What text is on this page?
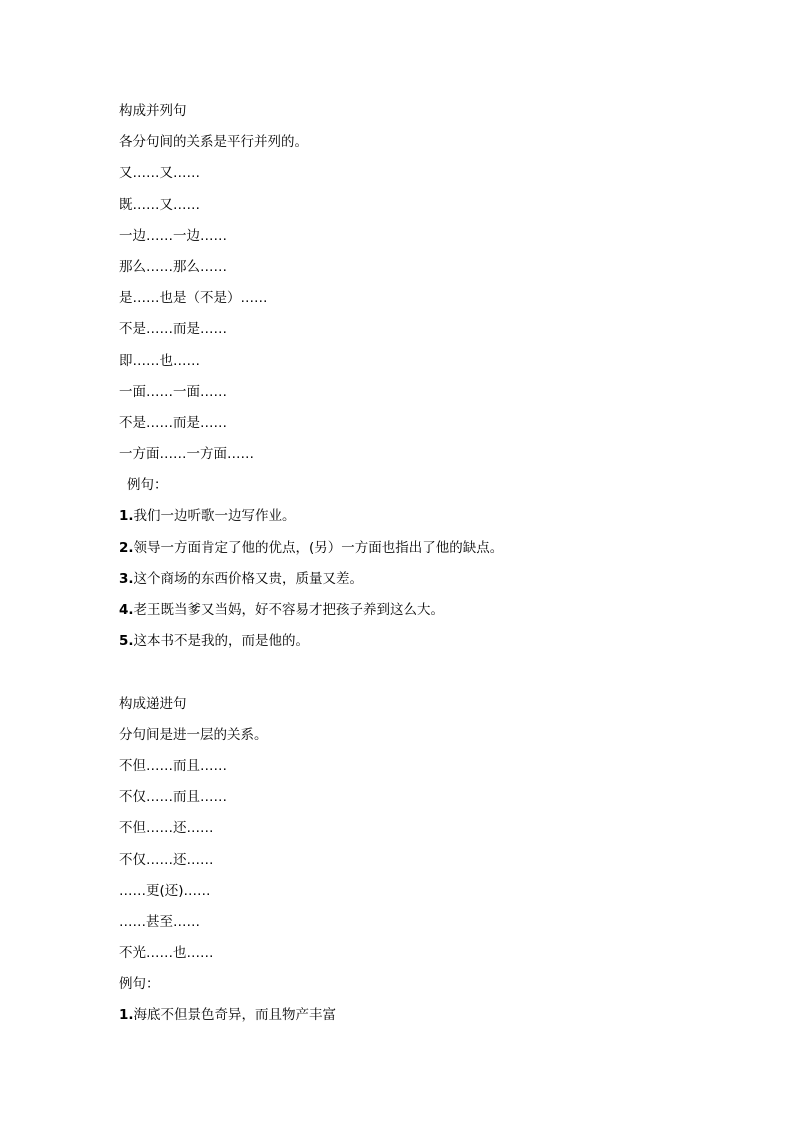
构成并列句
各分句间的关系是平行并列的。
又……又……
既……又……
一边……一边……
那么……那么……
是……也是（不是）……
不是……而是……
即……也……
一面……一面……
不是……而是……
一方面……一方面……
例句：
1.我们一边听歌一边写作业。
2.领导一方面肯定了他的优点，(另）一方面也指出了他的缺点。
3.这个商场的东西价格又贵，质量又差。
4.老王既当爹又当妈，好不容易才把孩子养到这么大。
5.这本书不是我的，而是他的。
构成递进句
分句间是进一层的关系。
不但……而且……
不仅……而且……
不但……还……
不仅……还……
……更(还)……
……甚至……
不光……也……
例句：
1.海底不但景色奇异，而且物产丰富
